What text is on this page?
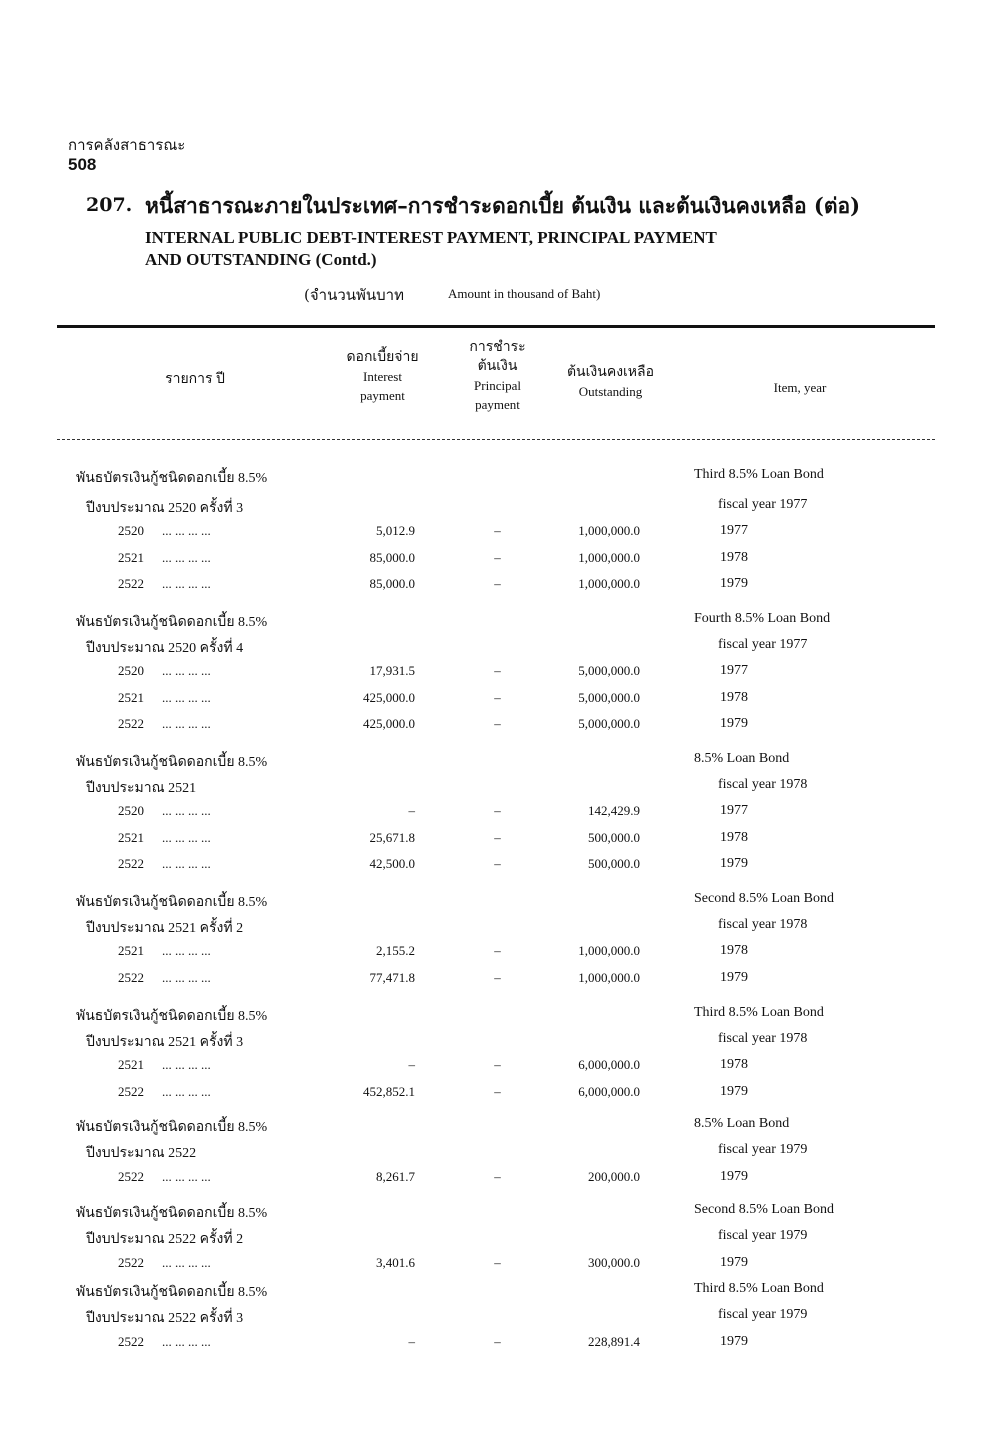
การคลังสาธารณะ
508
207. หนี้สาธารณะภายในประเทศ–การชำระดอกเบี้ย ต้นเงิน และต้นเงินคงเหลือ (ต่อ)
INTERNAL PUBLIC DEBT-INTEREST PAYMENT, PRINCIPAL PAYMENT
AND OUTSTANDING (Contd.)
(จำนวนพันบาท	Amount in thousand of Baht)
รายการ ปี
ดอกเบี้ยจ่าย
Interest
payment
การชำระ
ต้นเงิน
Principal
payment
ต้นเงินคงเหลือ
Outstanding	Item, year
พันธบัตรเงินกู้ชนิดดอกเบี้ย 8.5%	Third 8.5% Loan Bond
ปีงบประมาณ 2520 ครั้งที่ 3	fiscal year 1977
2520 ... ... ... ...	5,012.9	–	1,000,000.0	1977
2521 ... ... ... ...	85,000.0	–	1,000,000.0	1978
2522 ... ... ... ...	85,000.0	–	1,000,000.0	1979
พันธบัตรเงินกู้ชนิดดอกเบี้ย 8.5%	Fourth 8.5% Loan Bond
ปีงบประมาณ 2520 ครั้งที่ 4	fiscal year 1977
2520 ... ... ... ...	17,931.5	–	5,000,000.0	1977
2521 ... ... ... ...	425,000.0	–	5,000,000.0	1978
2522 ... ... ... ...	425,000.0	–	5,000,000.0	1979
พันธบัตรเงินกู้ชนิดดอกเบี้ย 8.5%	8.5% Loan Bond
ปีงบประมาณ 2521	fiscal year 1978
2520 ... ... ... ...	–	–	142,429.9	1977
2521 ... ... ... ...	25,671.8	–	500,000.0	1978
2522 ... ... ... ...	42,500.0	–	500,000.0	1979
พันธบัตรเงินกู้ชนิดดอกเบี้ย 8.5%	Second 8.5% Loan Bond
ปีงบประมาณ 2521 ครั้งที่ 2	fiscal year 1978
2521 ... ... ... ...	2,155.2	–	1,000,000.0	1978
2522 ... ... ... ...	77,471.8	–	1,000,000.0	1979
พันธบัตรเงินกู้ชนิดดอกเบี้ย 8.5%	Third 8.5% Loan Bond
ปีงบประมาณ 2521 ครั้งที่ 3	fiscal year 1978
2521 ... ... ... ...	–	–	6,000,000.0	1978
2522 ... ... ... ...	452,852.1	–	6,000,000.0	1979
พันธบัตรเงินกู้ชนิดดอกเบี้ย 8.5%	8.5% Loan Bond
ปีงบประมาณ 2522	fiscal year 1979
2522 ... ... ... ...	8,261.7	–	200,000.0	1979
พันธบัตรเงินกู้ชนิดดอกเบี้ย 8.5%	Second 8.5% Loan Bond
ปีงบประมาณ 2522 ครั้งที่ 2	fiscal year 1979
2522 ... ... ... ...	3,401.6	–	300,000.0	1979
พันธบัตรเงินกู้ชนิดดอกเบี้ย 8.5%	Third 8.5% Loan Bond
ปีงบประมาณ 2522 ครั้งที่ 3	fiscal year 1979
2522 ... ... ... ...	–	–	228,891.4	1979
